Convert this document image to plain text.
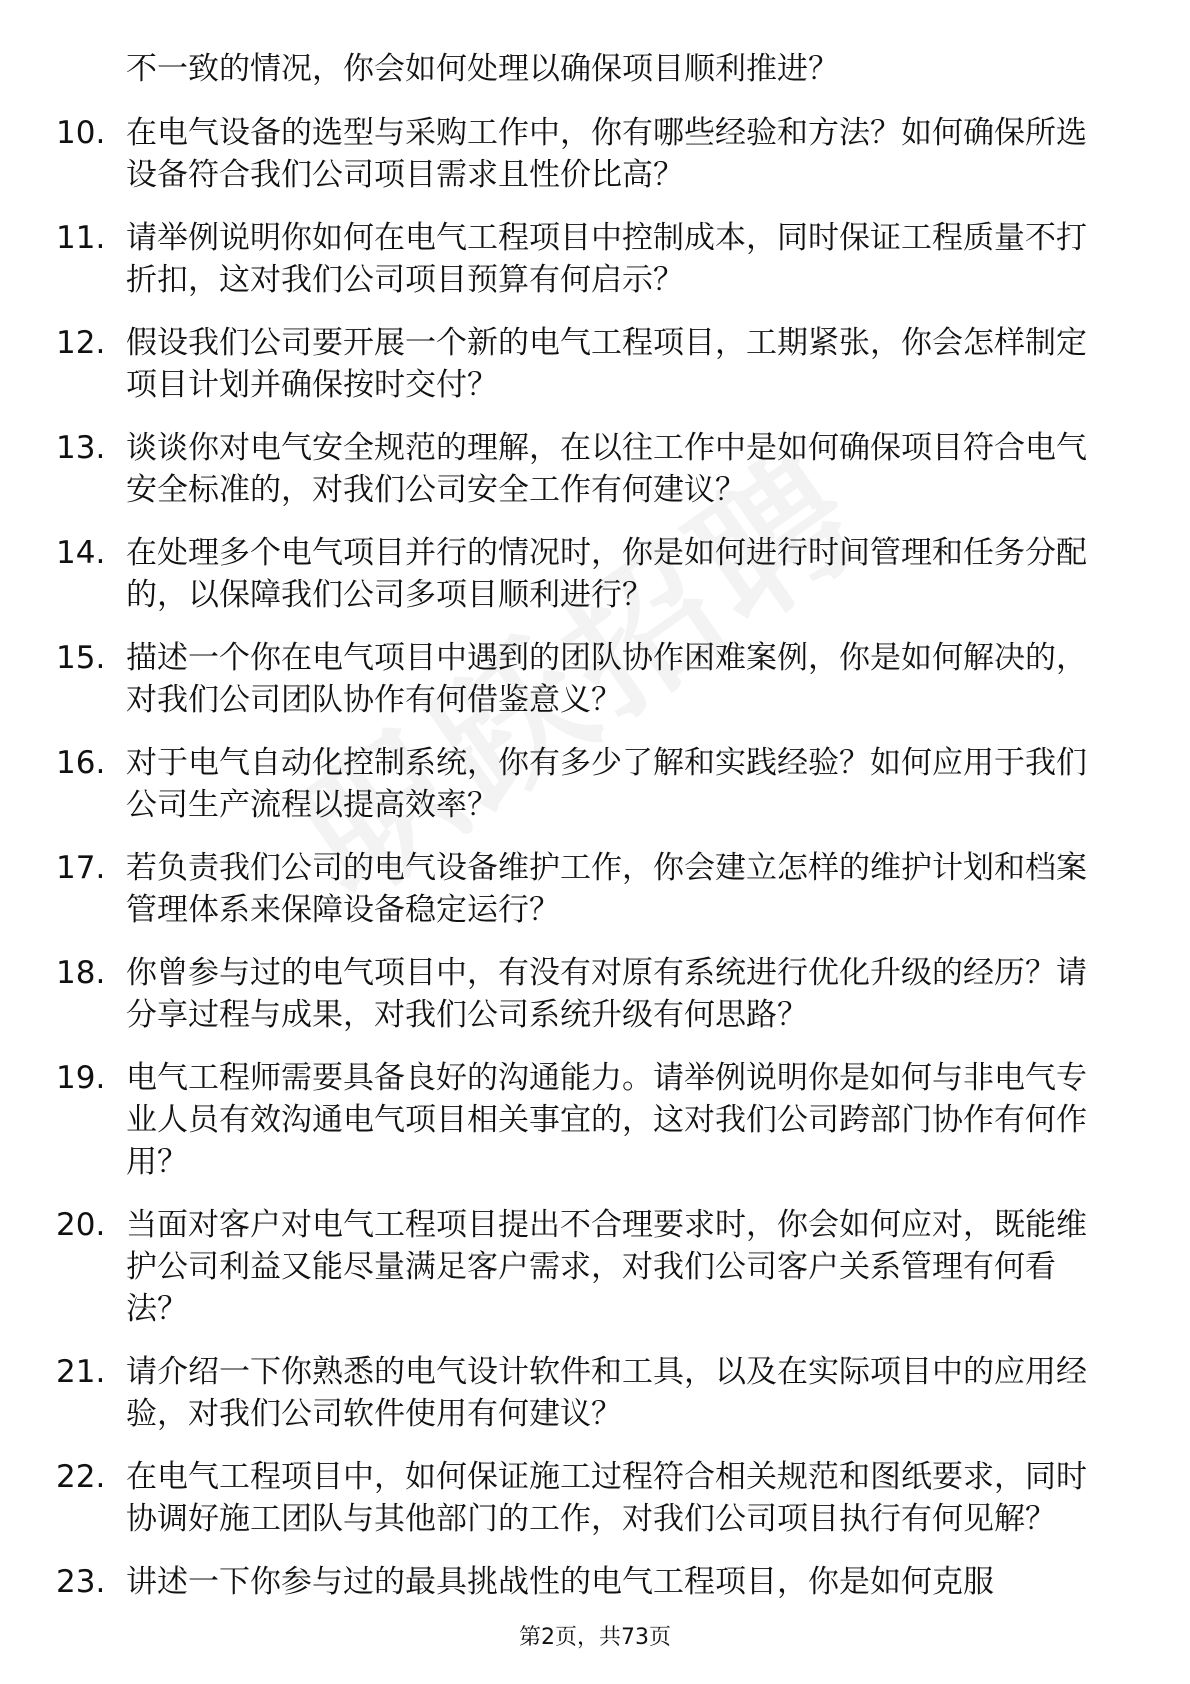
不一致的情况，你会如何处理以确保项目顺利推进？
10. 在电气设备的选型与采购工作中，你有哪些经验和方法？如何确保所选设备符合我们公司项目需求且性价比高？
11. 请举例说明你如何在电气工程项目中控制成本，同时保证工程质量不打折扣，这对我们公司项目预算有何启示？
12. 假设我们公司要开展一个新的电气工程项目，工期紧张，你会怎样制定项目计划并确保按时交付？
13. 谈谈你对电气安全规范的理解，在以往工作中是如何确保项目符合电气安全标准的，对我们公司安全工作有何建议？
14. 在处理多个电气项目并行的情况时，你是如何进行时间管理和任务分配的，以保障我们公司多项目顺利进行？
15. 描述一个你在电气项目中遇到的团队协作困难案例，你是如何解决的，对我们公司团队协作有何借鉴意义？
16. 对于电气自动化控制系统，你有多少了解和实践经验？如何应用于我们公司生产流程以提高效率？
17. 若负责我们公司的电气设备维护工作，你会建立怎样的维护计划和档案管理体系来保障设备稳定运行？
18. 你曾参与过的电气项目中，有没有对原有系统进行优化升级的经历？请分享过程与成果，对我们公司系统升级有何思路？
19. 电气工程师需要具备良好的沟通能力。请举例说明你是如何与非电气专业人员有效沟通电气项目相关事宜的，这对我们公司跨部门协作有何作用？
20. 当面对客户对电气工程项目提出不合理要求时，你会如何应对，既能维护公司利益又能尽量满足客户需求，对我们公司客户关系管理有何看法？
21. 请介绍一下你熟悉的电气设计软件和工具，以及在实际项目中的应用经验，对我们公司软件使用有何建议？
22. 在电气工程项目中，如何保证施工过程符合相关规范和图纸要求，同时协调好施工团队与其他部门的工作，对我们公司项目执行有何见解？
23. 讲述一下你参与过的最具挑战性的电气工程项目，你是如何克服
第2页，共73页
